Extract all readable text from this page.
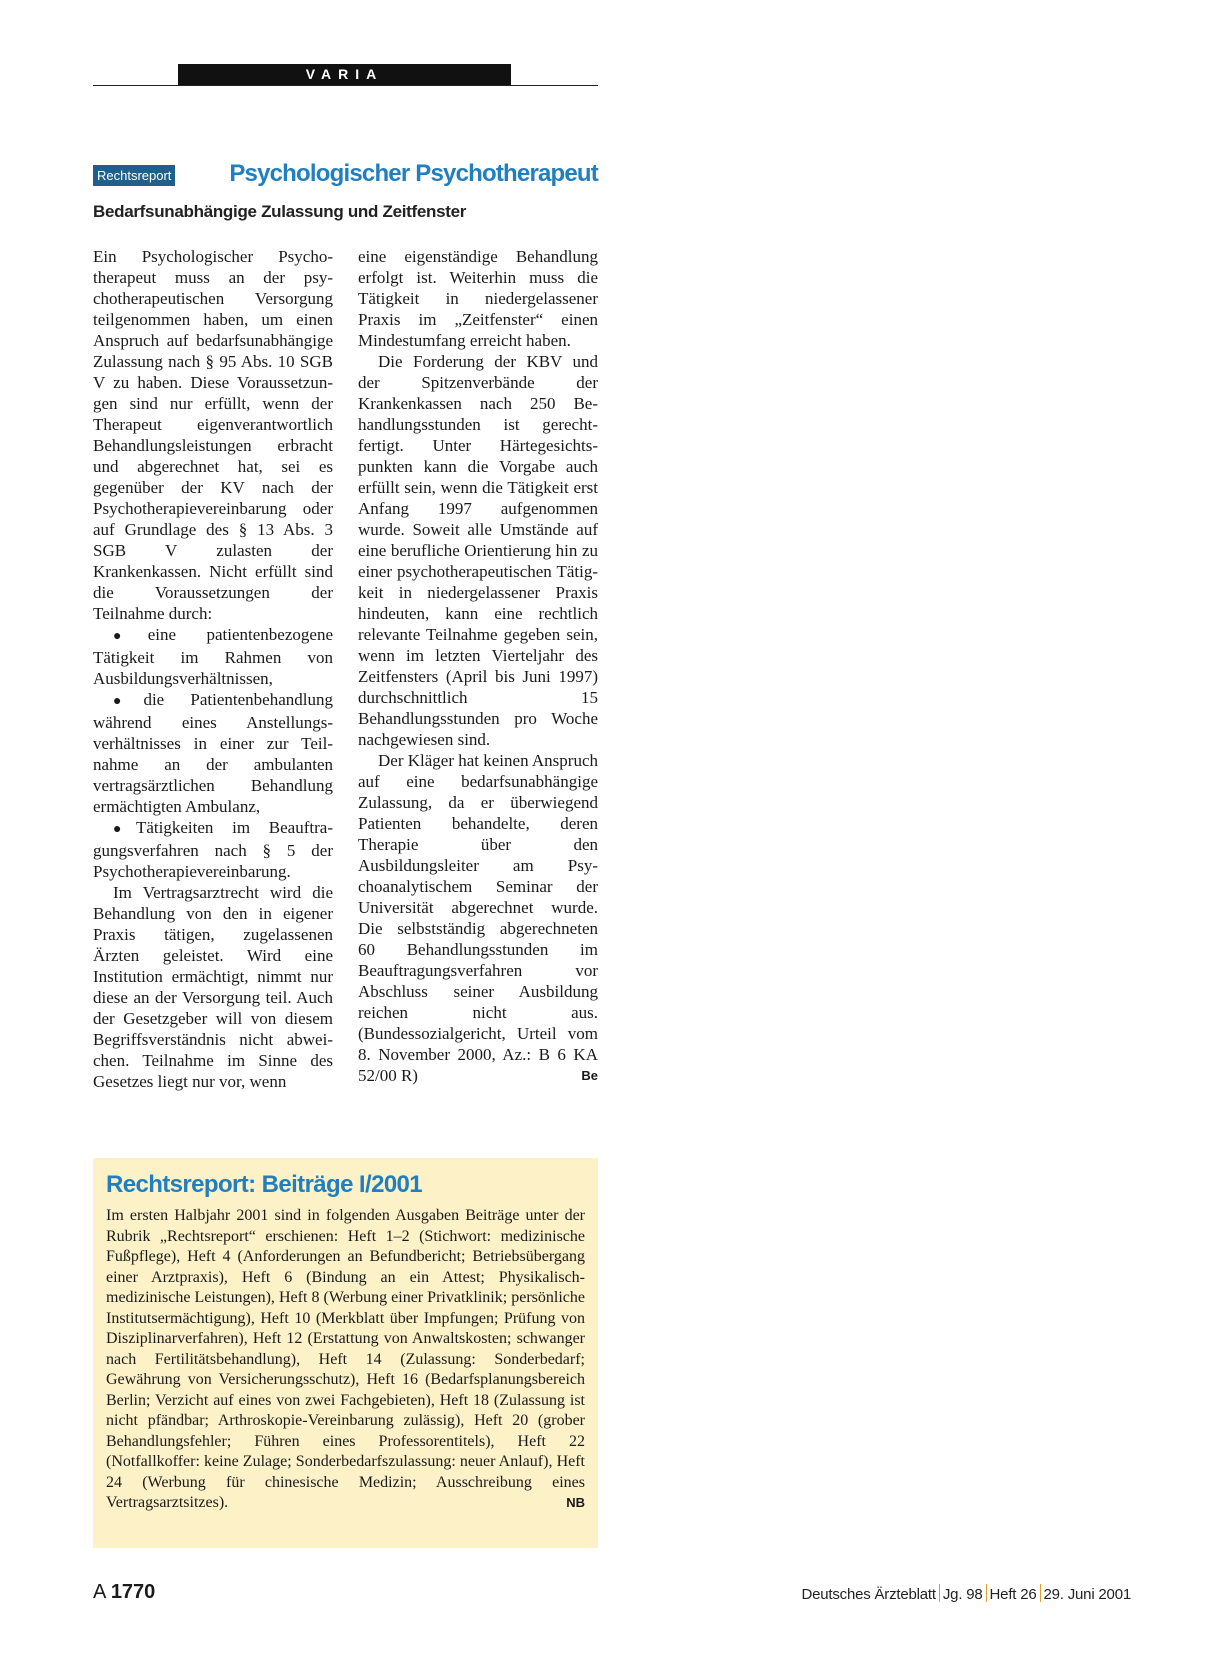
VARIA
Rechtsreport	Psychologischer Psychotherapeut
Bedarfsunabhängige Zulassung und Zeitfenster

Ein Psychologischer Psychotherapeut muss an der psychotherapeutischen Versorgung teilgenommen haben, um einen Anspruch auf bedarfsunabhängige Zulassung nach § 95 Abs. 10 SGB V zu haben. Diese Voraussetzungen sind nur erfüllt, wenn der Therapeut eigenverantwortlich Behandlungsleistungen erbracht und abgerechnet hat, sei es gegenüber der KV nach der Psychotherapievereinbarung oder auf Grundlage des § 13 Abs. 3 SGB V zulasten der Krankenkassen. Nicht erfüllt sind die Voraussetzungen der Teilnahme durch:

●eine patientenbezogene Tätigkeit im Rahmen von Ausbildungsverhältnissen,

●die Patientenbehandlung während eines Anstellungsverhältnisses in einer zur Teilnahme an der ambulanten vertragsärztlichen Behandlung ermächtigten Ambulanz,

●Tätigkeiten im Beauftragungsverfahren nach § 5 der Psychotherapievereinbarung.

Im Vertragsarztrecht wird die Behandlung von den in eigener Praxis tätigen, zugelassenen Ärzten geleistet. Wird eine Institution ermächtigt, nimmt nur diese an der Versorgung teil. Auch der Gesetzgeber will von diesem Begriffsverständnis nicht abweichen. Teilnahme im Sinne des Gesetzes liegt nur vor, wenn

eine eigenständige Behandlung erfolgt ist. Weiterhin muss die Tätigkeit in niedergelassener Praxis im „Zeitfenster“ einen Mindestumfang erreicht haben.

Die Forderung der KBV und der Spitzenverbände der Krankenkassen nach 250 Behandlungsstunden ist gerechtfertigt. Unter Härtegesichtspunkten kann die Vorgabe auch erfüllt sein, wenn die Tätigkeit erst Anfang 1997 aufgenommen wurde. Soweit alle Umstände auf eine berufliche Orientierung hin zu einer psychotherapeutischen Tätigkeit in niedergelassener Praxis hindeuten, kann eine rechtlich relevante Teilnahme gegeben sein, wenn im letzten Vierteljahr des Zeitfensters (April bis Juni 1997) durchschnittlich 15 Behandlungsstunden pro Woche nachgewiesen sind.

Der Kläger hat keinen Anspruch auf eine bedarfsunabhängige Zulassung, da er überwiegend Patienten behandelte, deren Therapie über den Ausbildungsleiter am Psychoanalytischem Seminar der Universität abgerechnet wurde. Die selbstständig abgerechneten 60 Behandlungsstunden im Beauftragungsverfahren vor Abschluss seiner Ausbildung reichen nicht aus. (Bundessozialgericht, Urteil vom 8. November 2000, Az.: B 6 KA 52/00 R)	Be

Rechtsreport: Beiträge I/2001
Im ersten Halbjahr 2001 sind in folgenden Ausgaben Beiträge unter der Rubrik „Rechtsreport“ erschienen: Heft 1–2 (Stichwort: medizinische Fußpflege), Heft 4 (Anforderungen an Befundbericht; Betriebsübergang einer Arztpraxis), Heft 6 (Bindung an ein Attest; Physikalisch-medizinische Leistungen), Heft 8 (Werbung einer Privatklinik; persönliche Institutsermächtigung), Heft 10 (Merkblatt über Impfungen; Prüfung von Disziplinarverfahren), Heft 12 (Erstattung von Anwaltskosten; schwanger nach Fertilitätsbehandlung), Heft 14 (Zulassung: Sonderbedarf; Gewährung von Versicherungsschutz), Heft 16 (Bedarfsplanungsbereich Berlin; Verzicht auf eines von zwei Fachgebieten), Heft 18 (Zulassung ist nicht pfändbar; Arthroskopie-Vereinbarung zulässig), Heft 20 (grober Behandlungsfehler; Führen eines Professorentitels), Heft 22 (Notfallkoffer: keine Zulage; Sonderbedarfszulassung: neuer Anlauf), Heft 24 (Werbung für chinesische Medizin; Ausschreibung eines Vertragsarztsitzes).	NB
A 1770	Deutsches Ärzteblatt Jg. 98 Heft 26 29. Juni 2001
